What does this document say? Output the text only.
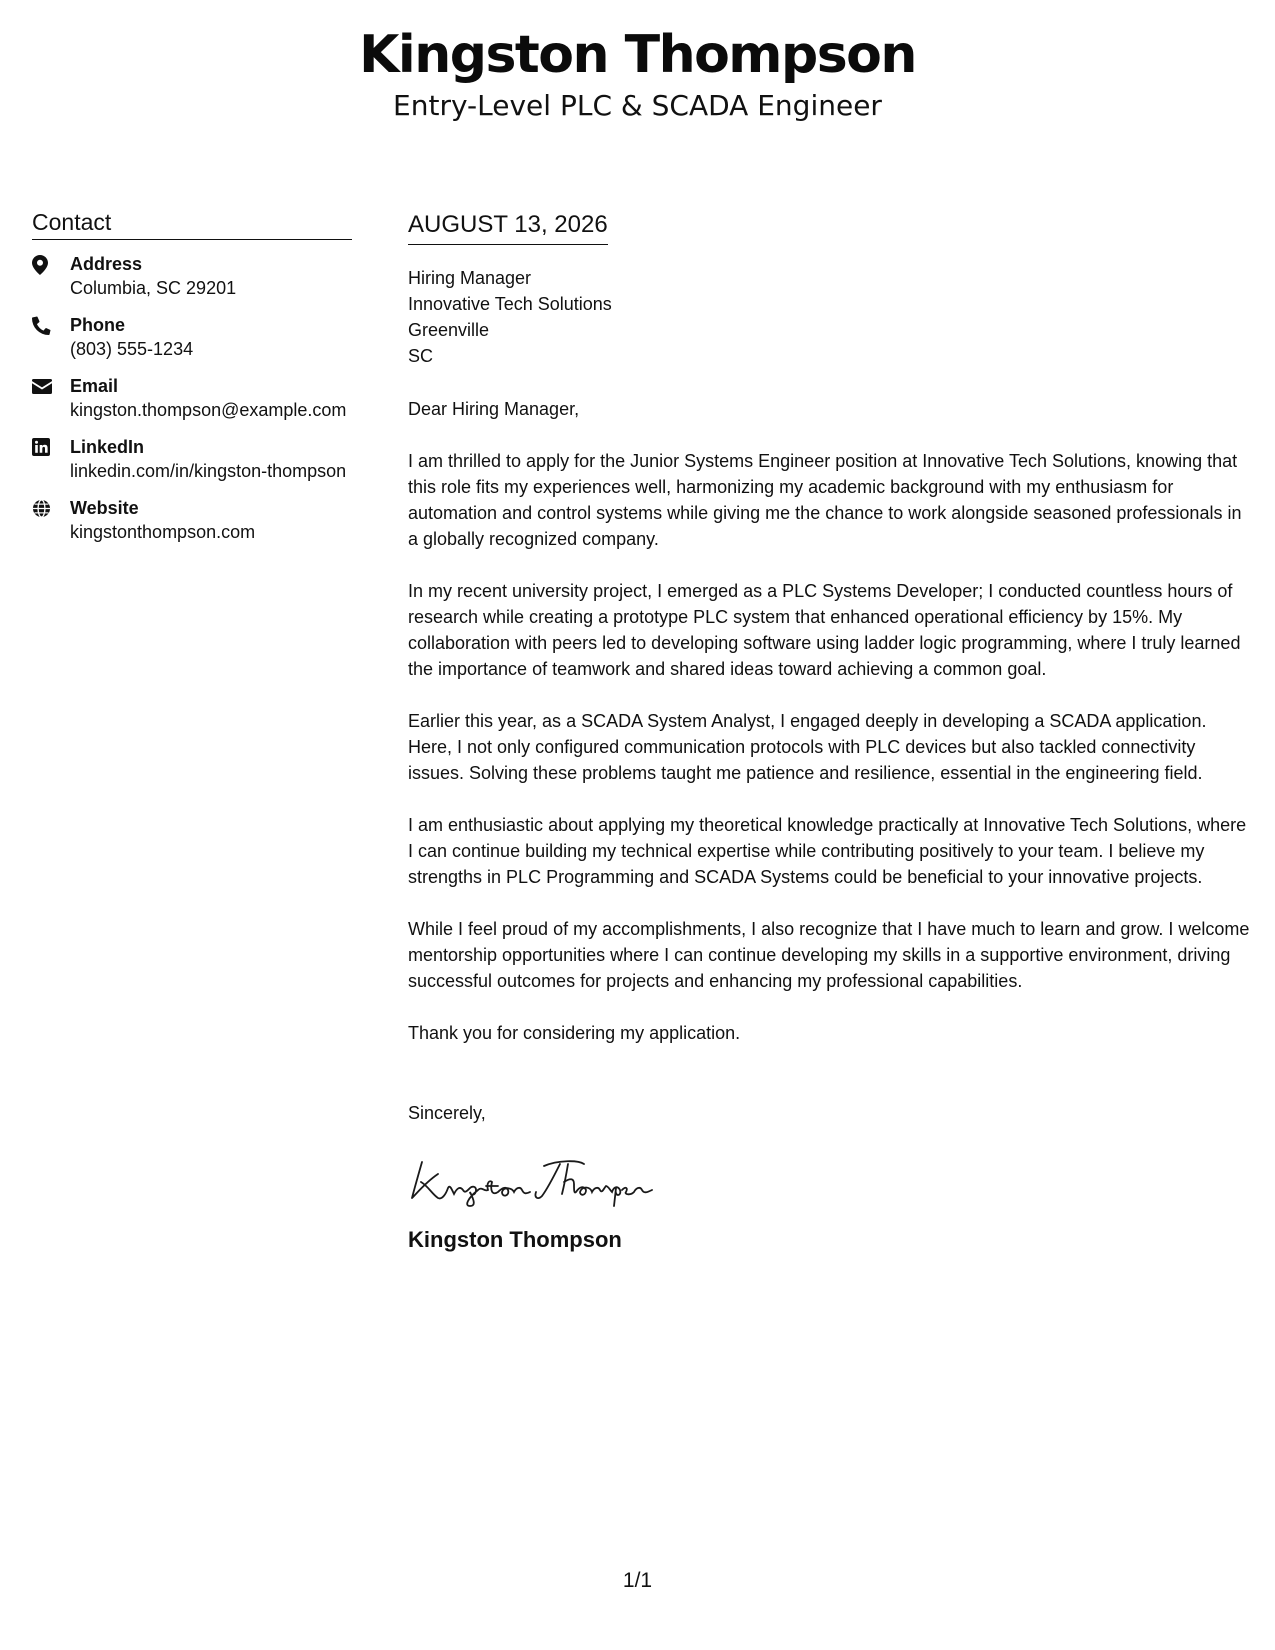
Kingston Thompson
Entry-Level PLC & SCADA Engineer
Contact
Address
Columbia, SC 29201
Phone
(803) 555-1234
Email
kingston.thompson@example.com
LinkedIn
linkedin.com/in/kingston-thompson
Website
kingstonthompson.com
AUGUST 13, 2026
Hiring Manager
Innovative Tech Solutions
Greenville
SC
Dear Hiring Manager,

I am thrilled to apply for the Junior Systems Engineer position at Innovative Tech Solutions, knowing that this role fits my experiences well, harmonizing my academic background with my enthusiasm for automation and control systems while giving me the chance to work alongside seasoned professionals in a globally recognized company.

In my recent university project, I emerged as a PLC Systems Developer; I conducted countless hours of research while creating a prototype PLC system that enhanced operational efficiency by 15%. My collaboration with peers led to developing software using ladder logic programming, where I truly learned the importance of teamwork and shared ideas toward achieving a common goal.

Earlier this year, as a SCADA System Analyst, I engaged deeply in developing a SCADA application. Here, I not only configured communication protocols with PLC devices but also tackled connectivity issues. Solving these problems taught me patience and resilience, essential in the engineering field.

I am enthusiastic about applying my theoretical knowledge practically at Innovative Tech Solutions, where I can continue building my technical expertise while contributing positively to your team. I believe my strengths in PLC Programming and SCADA Systems could be beneficial to your innovative projects.

While I feel proud of my accomplishments, I also recognize that I have much to learn and grow. I welcome mentorship opportunities where I can continue developing my skills in a supportive environment, driving successful outcomes for projects and enhancing my professional capabilities.

Thank you for considering my application.

Sincerely,
Kingston Thompson
1/1
